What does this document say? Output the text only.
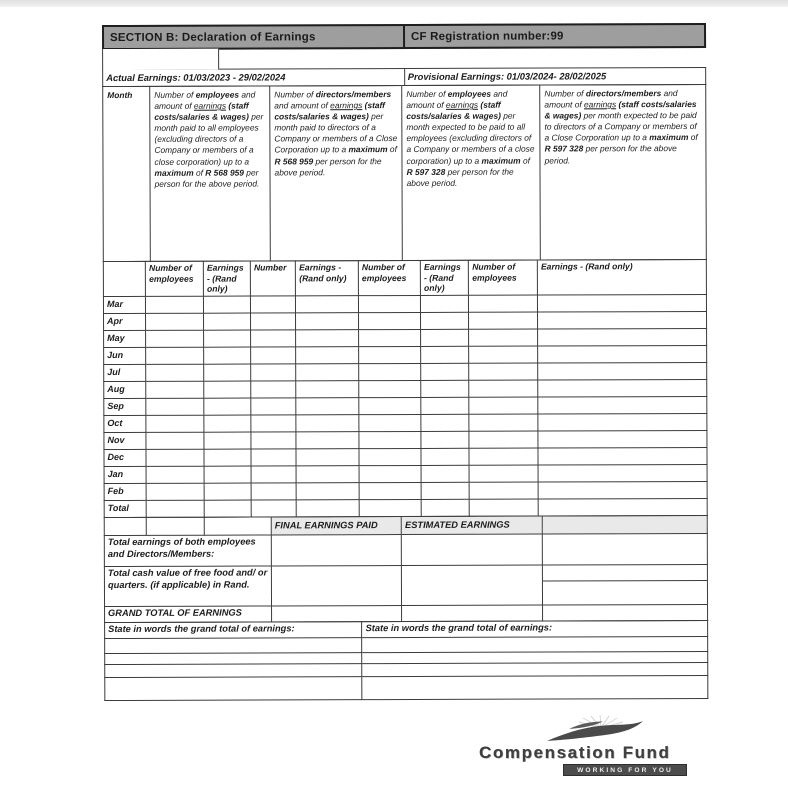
SECTION B: Declaration of Earnings	CF Registration number:99
Actual Earnings: 01/03/2023 - 29/02/2024	Provisional Earnings: 01/03/2024- 28/02/2025
Month	Number of employees and amount of earnings (staff costs/salaries & wages) per month paid to all employees (excluding directors of a Company or members of a close corporation) up to a maximum of R 568 959 per person for the above period.	Number of directors/members and amount of earnings (staff costs/salaries & wages) per month paid to directors of a Company or members of a Close Corporation up to a maximum of R 568 959 per person for the above period.	Number of employees and amount of earnings (staff costs/salaries & wages) per month expected to be paid to all employees (excluding directors of a Company or members of a close corporation) up to a maximum of R 597 328 per person for the above period.	Number of directors/members and amount of earnings (staff costs/salaries & wages) per month expected to be paid to directors of a Company or members of a Close Corporation up to a maximum of R 597 328 per person for the above period.
	Number of employees	Earnings - (Rand only)	Number	Earnings - (Rand only)	Number of employees	Earnings - (Rand only)	Number of employees	Earnings - (Rand only)
Mar								
Apr								
May								
Jun								
Jul								
Aug								
Sep								
Oct								
Nov								
Dec								
Jan								
Feb								
Total								
			FINAL EARNINGS PAID	ESTIMATED EARNINGS	
Total earnings of both employees and Directors/Members:					
Total cash value of free food and/ or quarters. (if applicable) in Rand.					

GRAND TOTAL OF EARNINGS					
State in words the grand total of earnings:	State in words the grand total of earnings:

Compensation Fund
WORKING FOR YOU
